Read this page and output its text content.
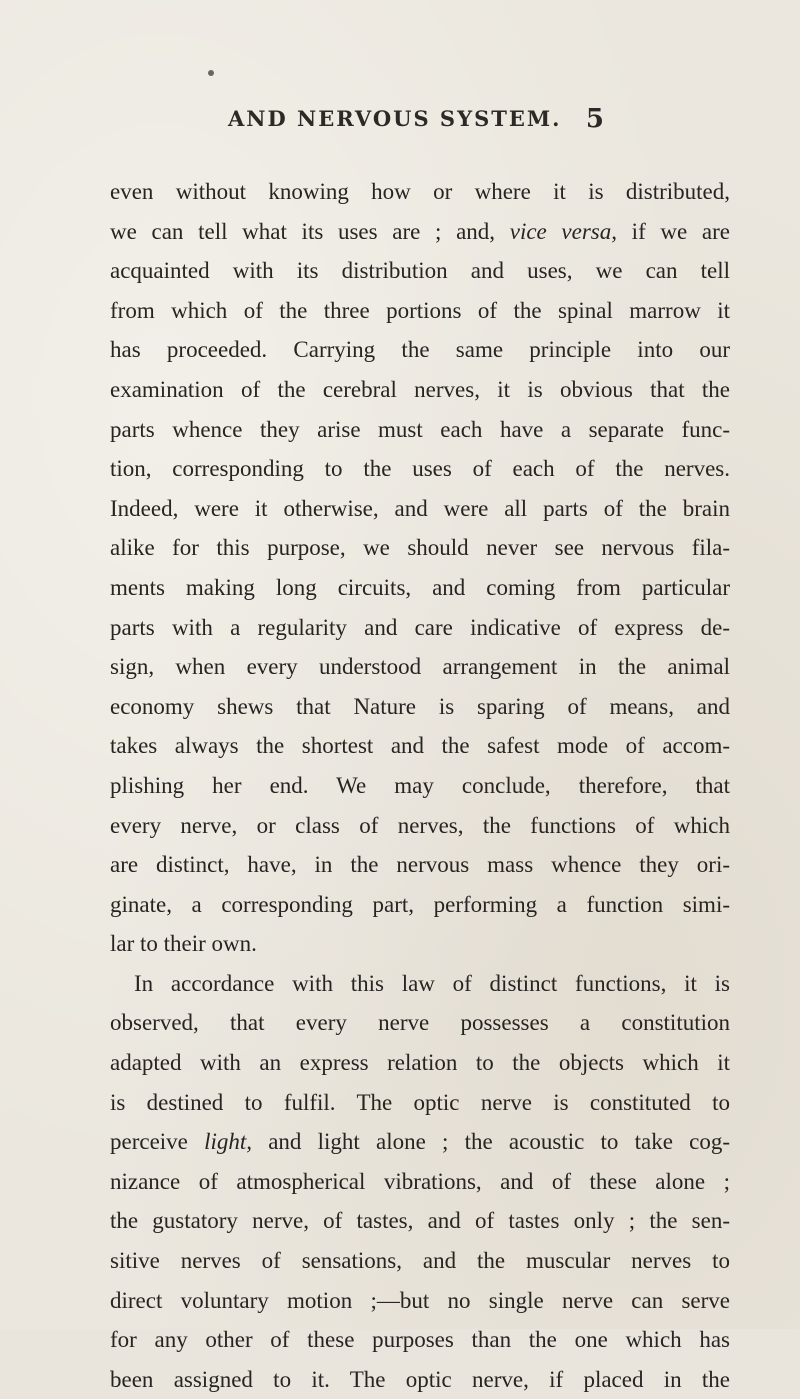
AND NERVOUS SYSTEM. 5
even without knowing how or where it is distributed,
we can tell what its uses are ; and, vice versa, if we are
acquainted with its distribution and uses, we can tell
from which of the three portions of the spinal marrow it
has proceeded. Carrying the same principle into our
examination of the cerebral nerves, it is obvious that the
parts whence they arise must each have a separate func-
tion, corresponding to the uses of each of the nerves.
Indeed, were it otherwise, and were all parts of the brain
alike for this purpose, we should never see nervous fila-
ments making long circuits, and coming from particular
parts with a regularity and care indicative of express de-
sign, when every understood arrangement in the animal
economy shews that Nature is sparing of means, and
takes always the shortest and the safest mode of accom-
plishing her end. We may conclude, therefore, that
every nerve, or class of nerves, the functions of which
are distinct, have, in the nervous mass whence they ori-
ginate, a corresponding part, performing a function simi-
lar to their own.
In accordance with this law of distinct functions, it is
observed, that every nerve possesses a constitution
adapted with an express relation to the objects which it
is destined to fulfil. The optic nerve is constituted to
perceive light, and light alone ; the acoustic to take cog-
nizance of atmospherical vibrations, and of these alone ;
the gustatory nerve, of tastes, and of tastes only ; the sen-
sitive nerves of sensations, and the muscular nerves to
direct voluntary motion ;—but no single nerve can serve
for any other of these purposes than the one which has
been assigned to it. The optic nerve, if placed in the
